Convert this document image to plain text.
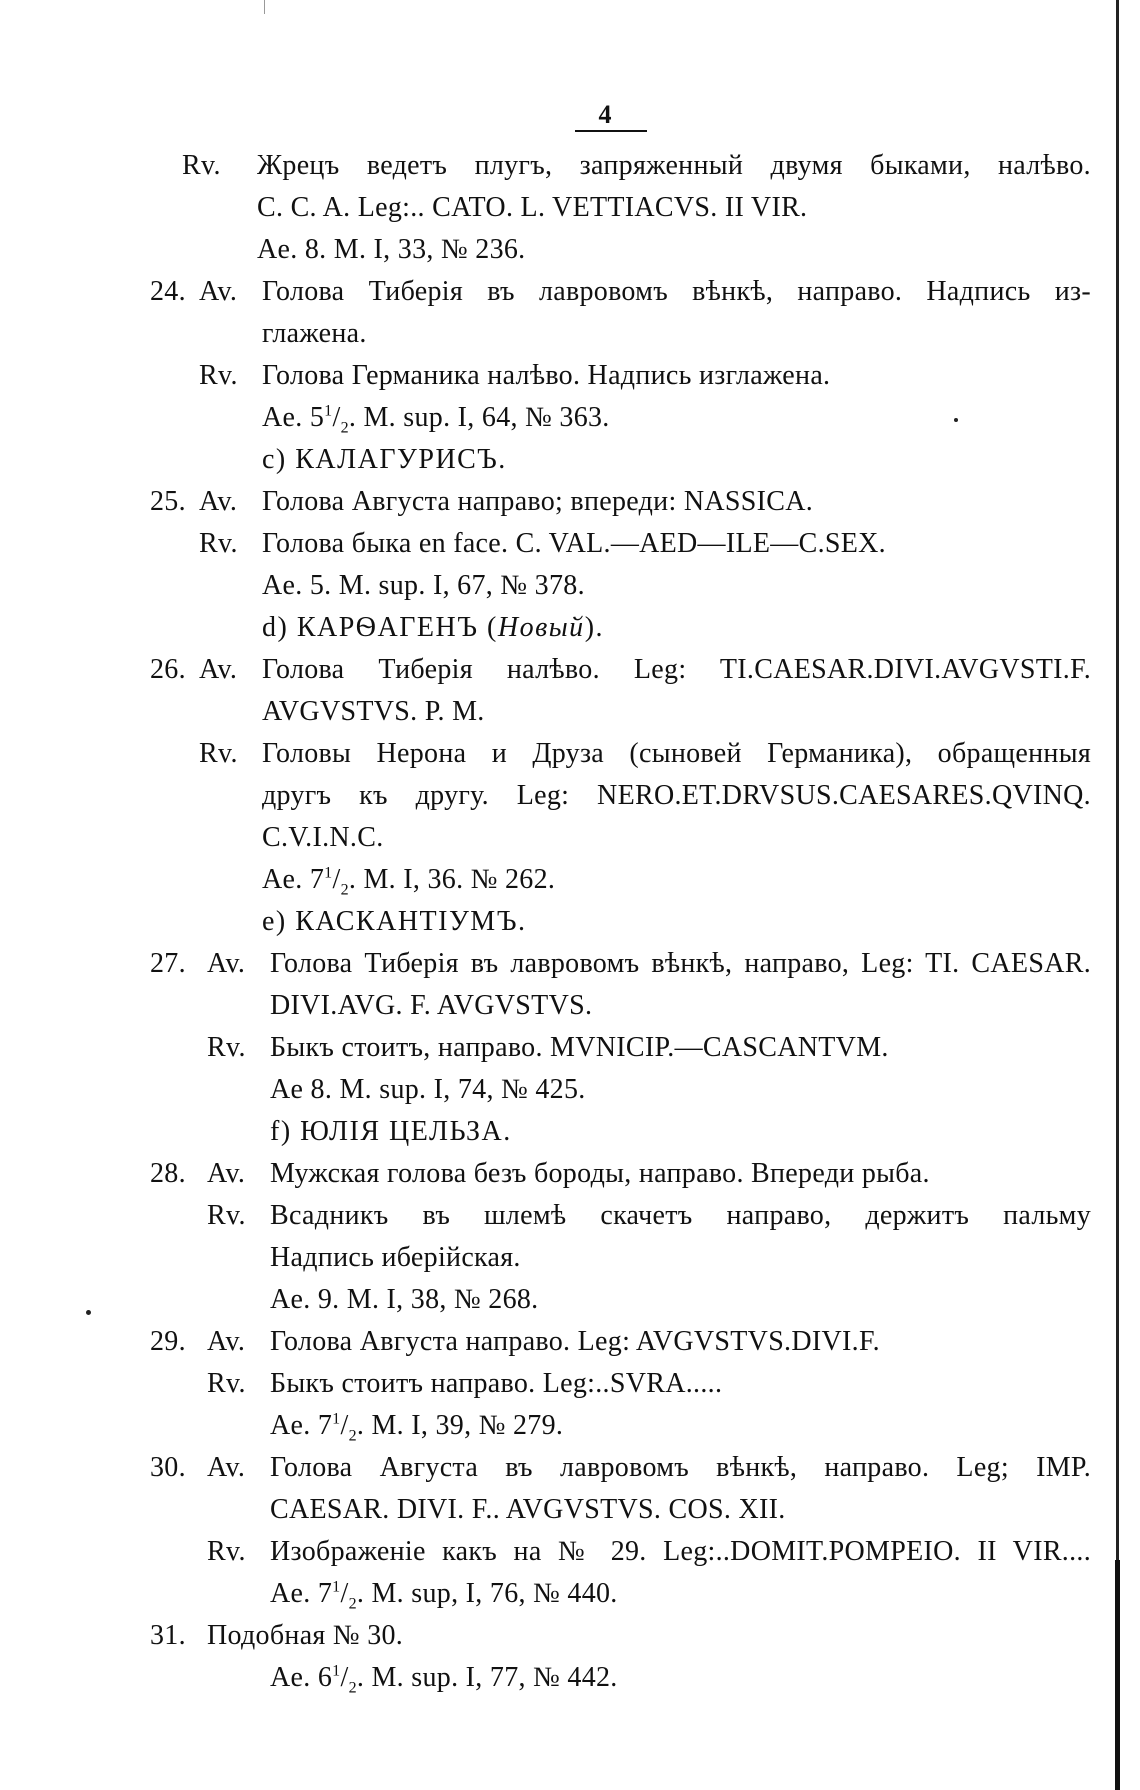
4
Rv. Жрецъ ведетъ плугъ, запряженный двумя быками, налѣво.
C. C. A. Leg:.. CATO. L. VETTIACVS. II VIR.
Ae. 8. M. I, 33, № 236.
24. Av. Голова Тиберія въ лавровомъ вѣнкѣ, направо. Надпись из-
глажена.
Rv. Голова Германика налѣво. Надпись изглажена.
Ae. $5^1/_2$. M. sup. I, 64, № 363.
c) КАЛАГУРИСЪ.
25. Av. Голова Августа направо; впереди: NASSICA.
Rv. Голова быка en face. C. VAL.—AED—ILE—C.SEX.
Ae. 5. M. sup. I, 67, № 378.
d) КАРѲАГЕНЪ (Новый).
26. Av. Голова Тиберія налѣво. Leg: TI.CAESAR.DIVI.AVGVSTI.F.
AVGVSTVS. P. M.
Rv. Головы Нерона и Друза (сыновей Германика), обращенныя
другъ къ другу. Leg: NERO.ET.DRVSUS.CAESARES.QVINQ.
C.V.I.N.C.
Ae. $7^1/_2$. M. I, 36. № 262.
e) КАСКАНТІУМЪ.
27. Av. Голова Тиберія въ лавровомъ вѣнкѣ, направо, Leg: TI. CAESAR.
DIVI.AVG. F. AVGVSTVS.
Rv. Быкъ стоитъ, направо. MVNICIP.—CASCANTVM.
Ae 8. M. sup. I, 74, № 425.
f) ЮЛІЯ ЦЕЛЬЗА.
28. Av. Мужская голова безъ бороды, направо. Впереди рыба.
Rv. Всадникъ въ шлемѣ скачетъ направо, держитъ пальму
Надпись иберійская.
Ae. 9. M. I, 38, № 268.
29. Av. Голова Августа направо. Leg: AVGVSTVS.DIVI.F.
Rv. Быкъ стоитъ направо. Leg:..SVRA.....
Ae. $7^1/_2$. M. I, 39, № 279.
30. Av. Голова Августа въ лавровомъ вѣнкѣ, направо. Leg; IMP.
CAESAR. DIVI. F.. AVGVSTVS. COS. XII.
Rv. Изображеніе какъ на № 29. Leg:..DOMIT.POMPEIO. II VIR....
Ae. $7^1/_2$. M. sup, I, 76, № 440.
31. Подобная № 30.
Ae. $6^1/_2$. M. sup. I, 77, № 442.
